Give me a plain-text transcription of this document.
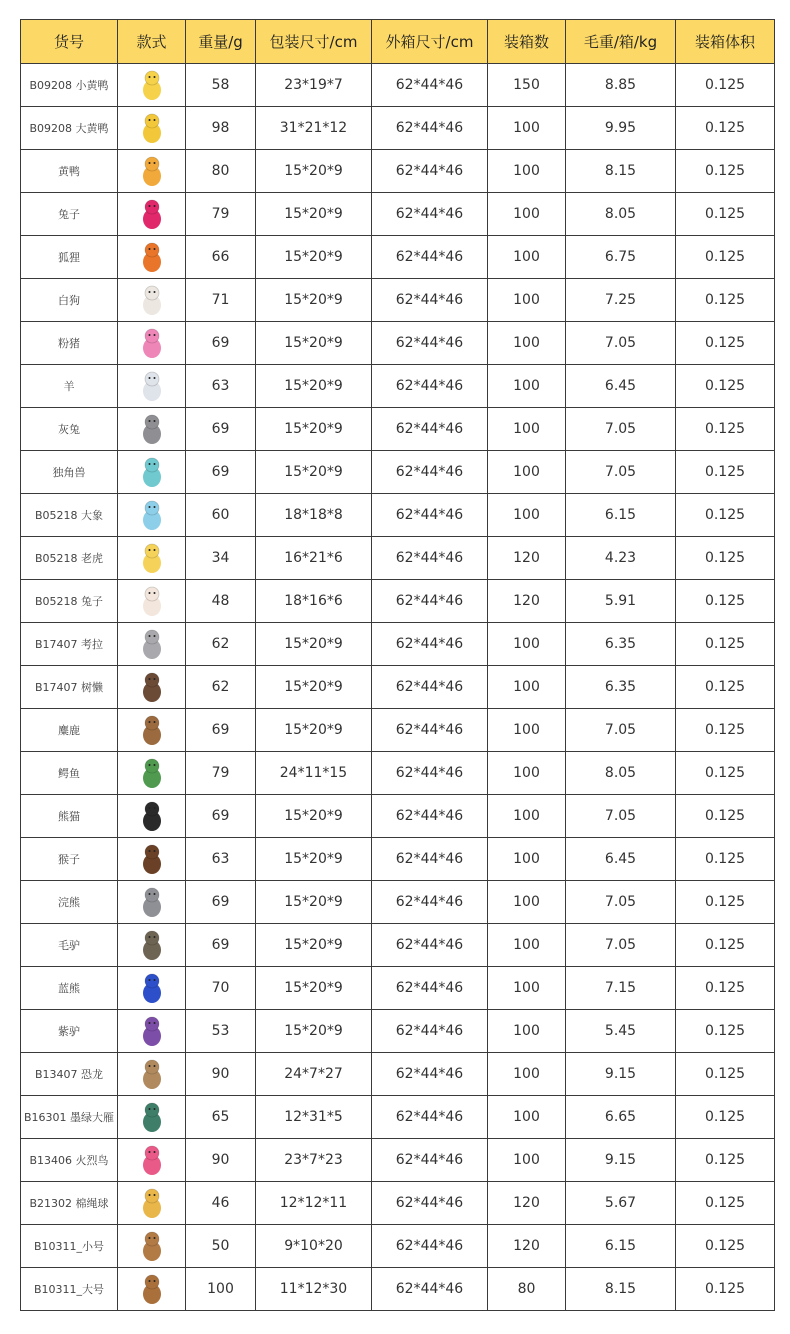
货号	款式	重量/g	包装尺寸/cm	外箱尺寸/cm	装箱数	毛重/箱/kg	装箱体积
B09208 小黄鸭		58	23*19*7	62*44*46	150	8.85	0.125
B09208 大黄鸭		98	31*21*12	62*44*46	100	9.95	0.125
黄鸭		80	15*20*9	62*44*46	100	8.15	0.125
兔子		79	15*20*9	62*44*46	100	8.05	0.125
狐狸		66	15*20*9	62*44*46	100	6.75	0.125
白狗		71	15*20*9	62*44*46	100	7.25	0.125
粉猪		69	15*20*9	62*44*46	100	7.05	0.125
羊		63	15*20*9	62*44*46	100	6.45	0.125
灰兔		69	15*20*9	62*44*46	100	7.05	0.125
独角兽		69	15*20*9	62*44*46	100	7.05	0.125
B05218 大象		60	18*18*8	62*44*46	100	6.15	0.125
B05218 老虎		34	16*21*6	62*44*46	120	4.23	0.125
B05218 兔子		48	18*16*6	62*44*46	120	5.91	0.125
B17407 考拉		62	15*20*9	62*44*46	100	6.35	0.125
B17407 树懒		62	15*20*9	62*44*46	100	6.35	0.125
麋鹿		69	15*20*9	62*44*46	100	7.05	0.125
鳄鱼		79	24*11*15	62*44*46	100	8.05	0.125
熊猫		69	15*20*9	62*44*46	100	7.05	0.125
猴子		63	15*20*9	62*44*46	100	6.45	0.125
浣熊		69	15*20*9	62*44*46	100	7.05	0.125
毛驴		69	15*20*9	62*44*46	100	7.05	0.125
蓝熊		70	15*20*9	62*44*46	100	7.15	0.125
紫驴		53	15*20*9	62*44*46	100	5.45	0.125
B13407 恐龙		90	24*7*27	62*44*46	100	9.15	0.125
B16301 墨绿大雁		65	12*31*5	62*44*46	100	6.65	0.125
B13406 火烈鸟		90	23*7*23	62*44*46	100	9.15	0.125
B21302 棉绳球		46	12*12*11	62*44*46	120	5.67	0.125
B10311_小号		50	9*10*20	62*44*46	120	6.15	0.125
B10311_大号		100	11*12*30	62*44*46	80	8.15	0.125
